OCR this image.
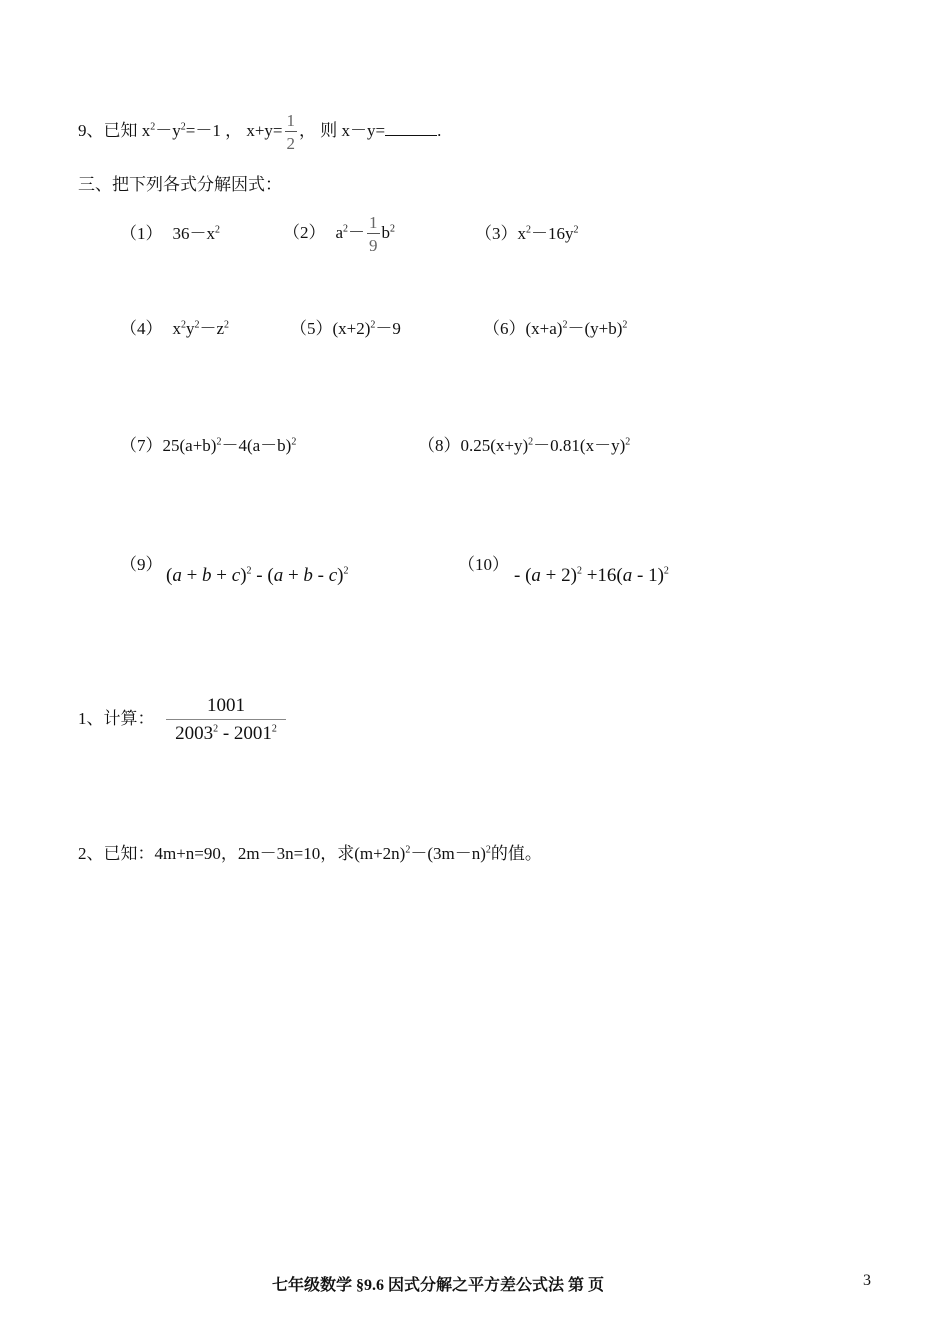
9、已知 $x^2-y^2=-1$ ， $x+y= \frac{1}{2}$ ， 则 x－y=	.
三、把下列各式分解因式：
（1） $36-x^2$	（2） $a^2- \frac{1}{9} b^2$	$(3)x^2-16y^2$
（4） $x^2y^2-z^2$	$(5)(x+2)^2-9$	$(6)(x+a)^2-(y+b)^2$
$(7)25(a+b)^2-4(a-b)^2$	$(8)0.25(x+y)^2-0.81(x-y)^2$
（9）
$(a + b + c)^2 - (a + b - c)^2$	（10）
- $(a + 2)^2 +16(a - 1)^2$
1、计算： $\frac{1001}{2003^2 - 2001^2}$
2、已知：4m+n=90，2m－3n=10，求$(m+2n)^2-(3m-n)^2$的值。
七年级数学 §9.6 因式分解之平方差公式法 第 页	3
